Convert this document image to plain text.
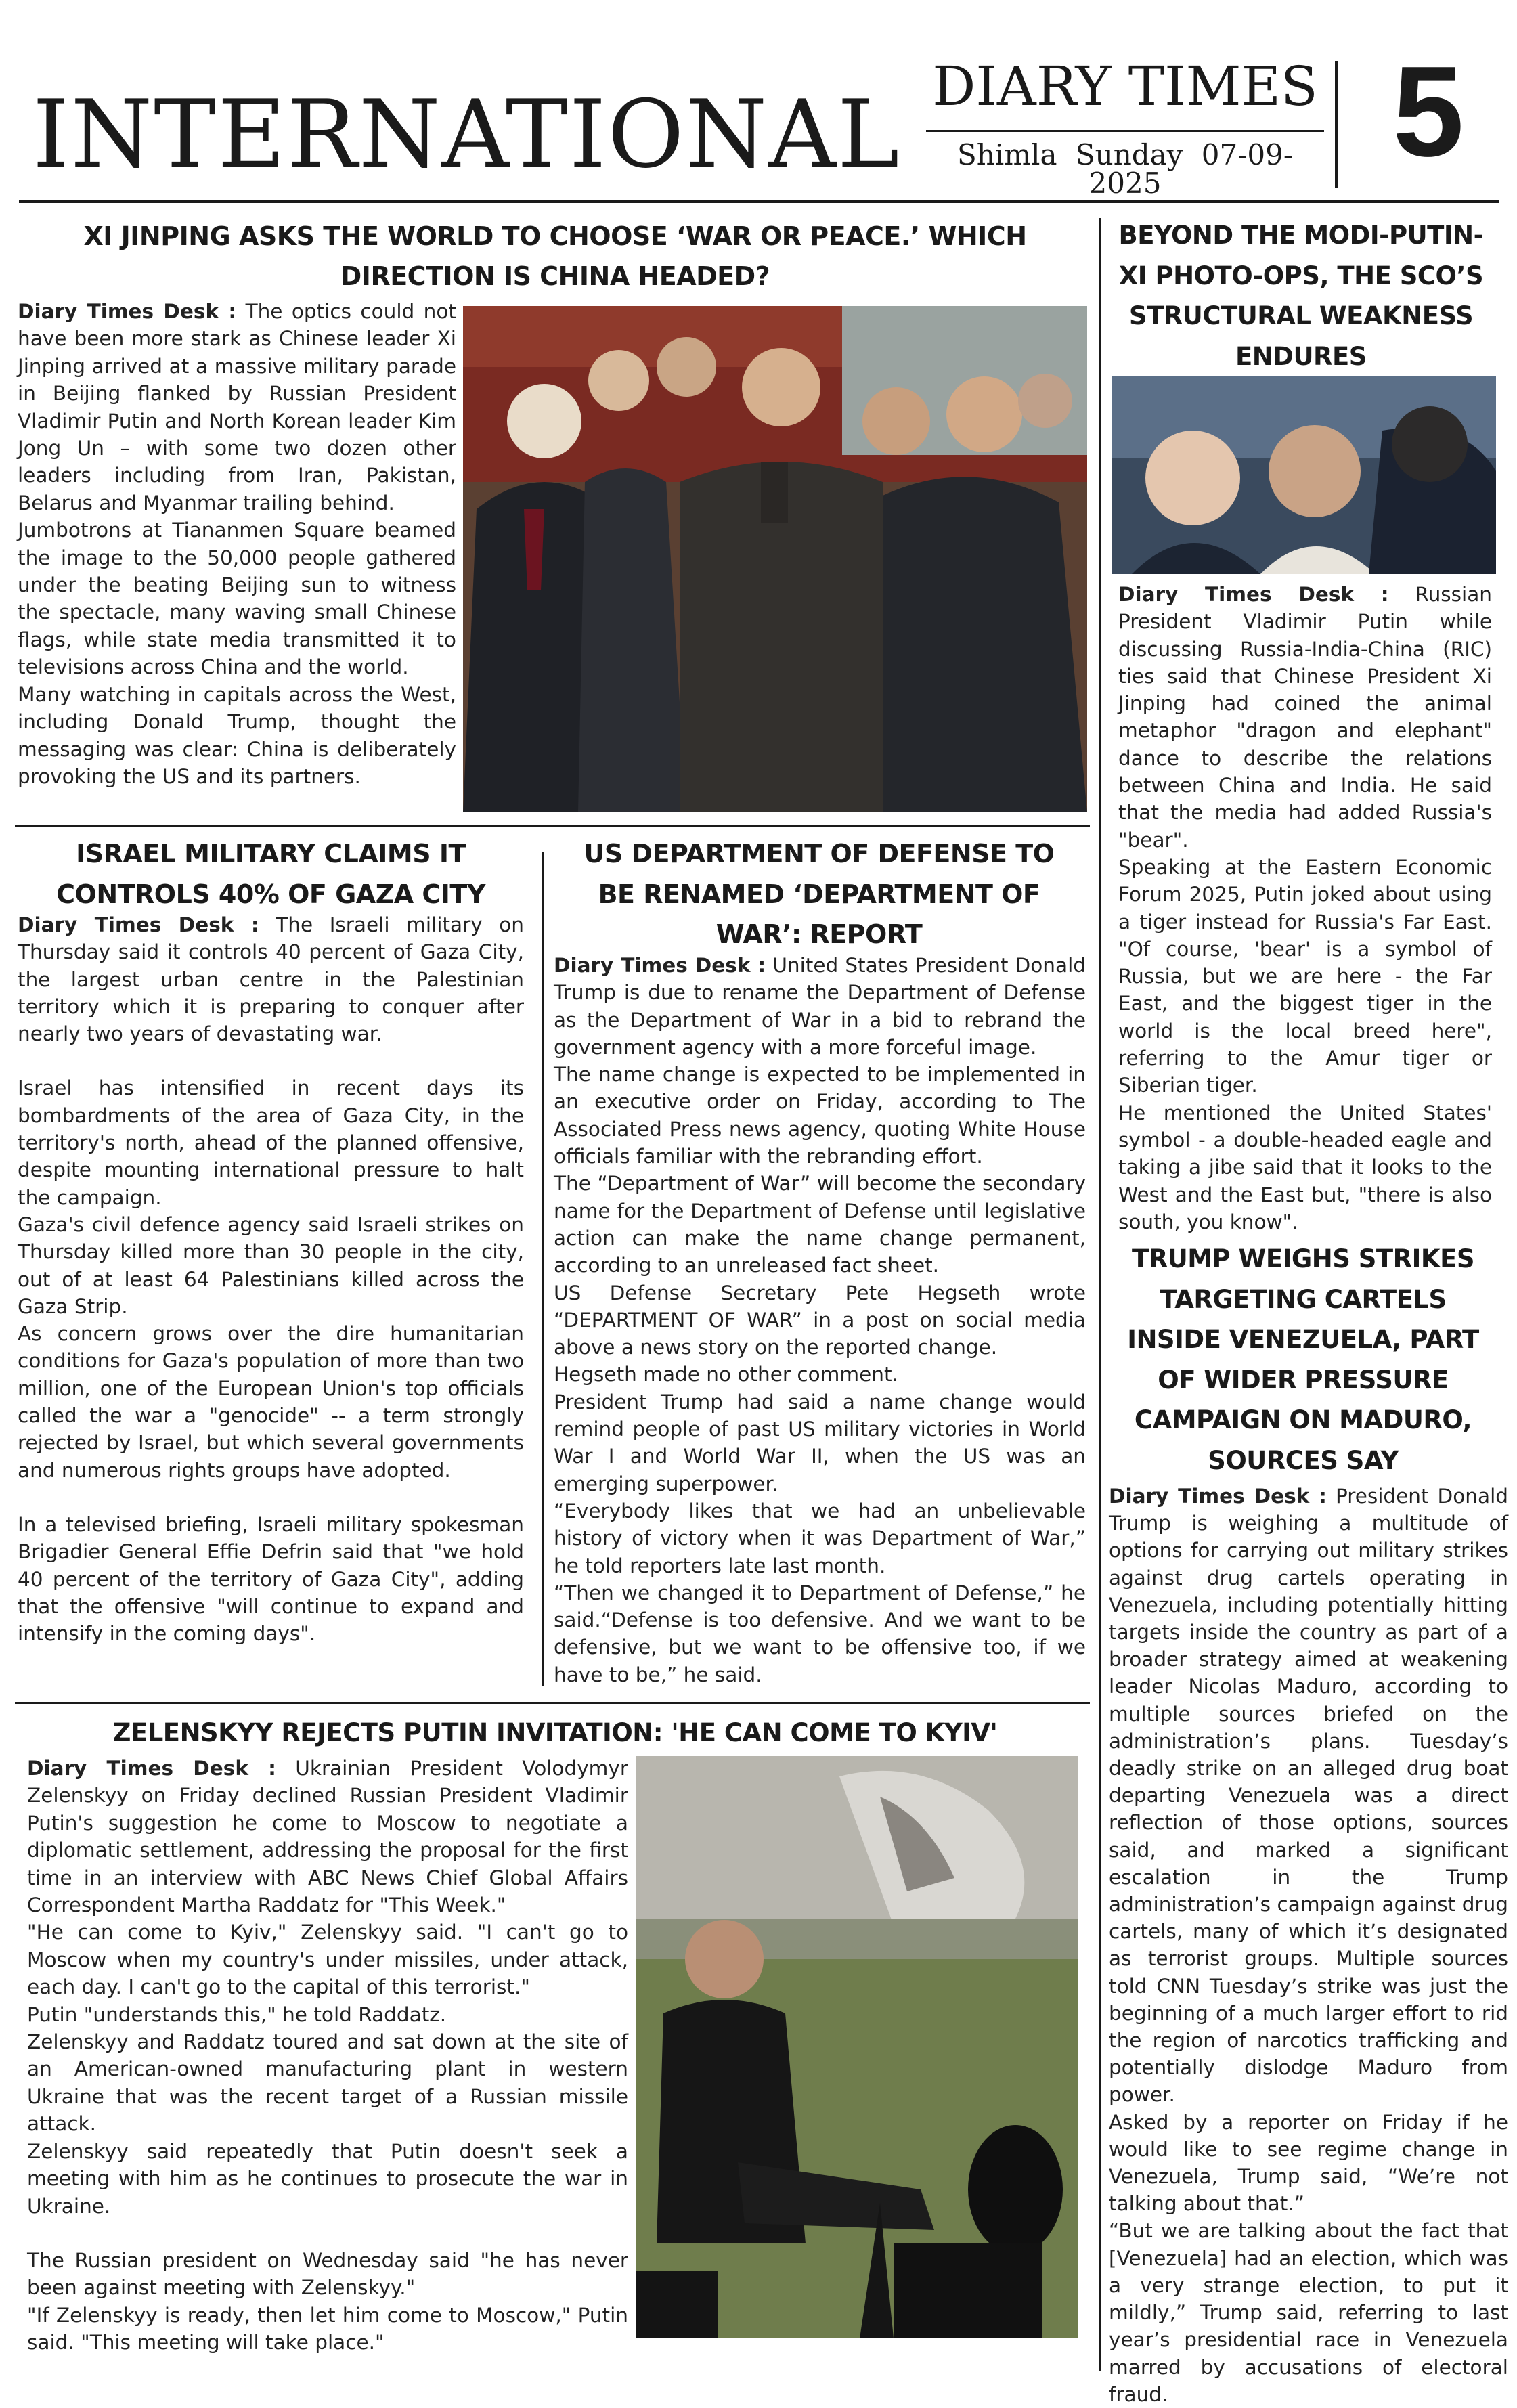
INTERNATIONAL DIARY TIMES
Shimla Sunday 07-09-2025	5
XI JINPING ASKS THE WORLD TO CHOOSE ‘WAR OR PEACE.’ WHICH DIRECTION IS CHINA HEADED?

Diary Times Desk : The optics could not have been more stark as Chinese leader Xi Jinping arrived at a massive military parade in Beijing flanked by Russian President Vladimir Putin and North Korean leader Kim Jong Un – with some two dozen other leaders including from Iran, Pakistan, Belarus and Myanmar trailing behind.

Jumbotrons at Tiananmen Square beamed the image to the 50,000 people gathered under the beating Beijing sun to witness the spectacle, many waving small Chinese flags, while state media transmitted it to televisions across China and the world.

Many watching in capitals across the West, including Donald Trump, thought the messaging was clear: China is deliberately provoking the US and its partners.

BEYOND THE MODI-PUTIN-XI PHOTO-OPS, THE SCO’S STRUCTURAL WEAKNESS ENDURES

Diary Times Desk : Russian President Vladimir Putin while discussing Russia-India-China (RIC) ties said that Chinese President Xi Jinping had coined the animal metaphor "dragon and elephant" dance to describe the relations between China and India. He said that the media had added Russia's "bear".

Speaking at the Eastern Economic Forum 2025, Putin joked about using a tiger instead for Russia's Far East. "Of course, 'bear' is a symbol of Russia, but we are here - the Far East, and the biggest tiger in the world is the local breed here", referring to the Amur tiger or Siberian tiger.

He mentioned the United States' symbol - a double-headed eagle and taking a jibe said that it looks to the West and the East but, "there is also south, you know".

ISRAEL MILITARY CLAIMS IT CONTROLS 40% OF GAZA CITY

Diary Times Desk : The Israeli military on Thursday said it controls 40 percent of Gaza City, the largest urban centre in the Palestinian territory which it is preparing to conquer after nearly two years of devastating war.

Israel has intensified in recent days its bombardments of the area of Gaza City, in the territory's north, ahead of the planned offensive, despite mounting international pressure to halt the campaign.

Gaza's civil defence agency said Israeli strikes on Thursday killed more than 30 people in the city, out of at least 64 Palestinians killed across the Gaza Strip.

As concern grows over the dire humanitarian conditions for Gaza's population of more than two million, one of the European Union's top officials called the war a "genocide" -- a term strongly rejected by Israel, but which several governments and numerous rights groups have adopted.

In a televised briefing, Israeli military spokesman Brigadier General Effie Defrin said that "we hold 40 percent of the territory of Gaza City", adding that the offensive "will continue to expand and intensify in the coming days".

US DEPARTMENT OF DEFENSE TO BE RENAMED ‘DEPARTMENT OF WAR’: REPORT

Diary Times Desk : United States President Donald Trump is due to rename the Department of Defense as the Department of War in a bid to rebrand the government agency with a more forceful image.

The name change is expected to be implemented in an executive order on Friday, according to The Associated Press news agency, quoting White House officials familiar with the rebranding effort.

The “Department of War” will become the secondary name for the Department of Defense until legislative action can make the name change permanent, according to an unreleased fact sheet.

US Defense Secretary Pete Hegseth wrote “DEPARTMENT OF WAR” in a post on social media above a news story on the reported change.

Hegseth made no other comment.

President Trump had said a name change would remind people of past US military victories in World War I and World War II, when the US was an emerging superpower.

“Everybody likes that we had an unbelievable history of victory when it was Department of War,” he told reporters late last month.

“Then we changed it to Department of Defense,” he said.“Defense is too defensive. And we want to be defensive, but we want to be offensive too, if we have to be,” he said.

TRUMP WEIGHS STRIKES TARGETING CARTELS INSIDE VENEZUELA, PART OF WIDER PRESSURE CAMPAIGN ON MADURO, SOURCES SAY

Diary Times Desk : President Donald Trump is weighing a multitude of options for carrying out military strikes against drug cartels operating in Venezuela, including potentially hitting targets inside the country as part of a broader strategy aimed at weakening leader Nicolas Maduro, according to multiple sources briefed on the administration’s plans. Tuesday’s deadly strike on an alleged drug boat departing Venezuela was a direct reflection of those options, sources said, and marked a significant escalation in the Trump administration’s campaign against drug cartels, many of which it’s designated as terrorist groups. Multiple sources told CNN Tuesday’s strike was just the beginning of a much larger effort to rid the region of narcotics trafficking and potentially dislodge Maduro from power.

Asked by a reporter on Friday if he would like to see regime change in Venezuela, Trump said, “We’re not talking about that.”

“But we are talking about the fact that [Venezuela] had an election, which was a very strange election, to put it mildly,” Trump said, referring to last year’s presidential race in Venezuela marred by accusations of electoral fraud.

ZELENSKYY REJECTS PUTIN INVITATION: 'HE CAN COME TO KYIV'

Diary Times Desk : Ukrainian President Volodymyr Zelenskyy on Friday declined Russian President Vladimir Putin's suggestion he come to Moscow to negotiate a diplomatic settlement, addressing the proposal for the first time in an interview with ABC News Chief Global Affairs Correspondent Martha Raddatz for "This Week."

"He can come to Kyiv," Zelenskyy said. "I can't go to Moscow when my country's under missiles, under attack, each day. I can't go to the capital of this terrorist."

Putin "understands this," he told Raddatz.

Zelenskyy and Raddatz toured and sat down at the site of an American-owned manufacturing plant in western Ukraine that was the recent target of a Russian missile attack.

Zelenskyy said repeatedly that Putin doesn't seek a meeting with him as he continues to prosecute the war in Ukraine.

The Russian president on Wednesday said "he has never been against meeting with Zelenskyy."

"If Zelenskyy is ready, then let him come to Moscow," Putin said. "This meeting will take place."
